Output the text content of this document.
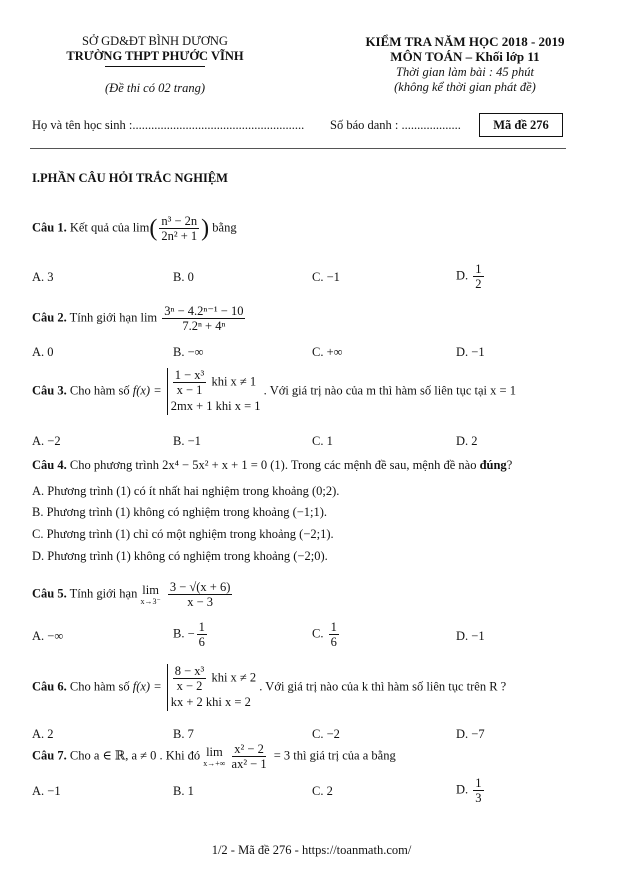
SỞ GD&ĐT BÌNH DƯƠNG
TRƯỜNG THPT PHƯỚC VĨNH
(Đề thi có 02 trang)
KIỂM TRA NĂM HỌC 2018 - 2019
MÔN TOÁN – Khối lớp 11
Thời gian làm bài : 45 phút
(không kể thời gian phát đề)
Họ và tên học sinh :....................................................... Số báo danh : ...................	Mã đề 276
I.PHẦN CÂU HỎI TRẮC NGHIỆM
Câu 1. Kết quả của $\lim( \frac{\text{n³ − 2n}}{\text{2n² + 1}}$ ) bằng
A. 3	B. 0	C. −1	D. $\frac{1}{2}$
Câu 2. Tính giới hạn $\lim \frac{\text{3ⁿ − 4.2ⁿ⁻¹ − 10}}{\text{7.2ⁿ + 4ⁿ}}$
A. 0	B. −∞	C. +∞	D. −1
Câu 3. Cho hàm số $f(x) = \frac{\text{1 − x³}}{x - 1}$ khi x ≠ 1
2mx + 1 khi x = 1
. Với giá trị nào của m thì hàm số liên tục tại x = 1
A. −2	B. −1	C. 1	D. 2
Câu 4. Cho phương trình 2x⁴ − 5x² + x + 1 = 0 (1). Trong các mệnh đề sau, mệnh đề nào đúng?
A. Phương trình (1) có ít nhất hai nghiệm trong khoảng (0;2).
B. Phương trình (1) không có nghiệm trong khoảng (−1;1).
C. Phương trình (1) chỉ có một nghiệm trong khoảng (−2;1).
D. Phương trình (1) không có nghiệm trong khoảng (−2;0).
Câu 5. Tính giới hạn lim
x→3⁻
$\frac{3 - √(x + 6)}{x - 3}$
A. −∞	B. − $\frac{1}{6}$	C. $\frac{1}{6}$	D. −1
Câu 6. Cho hàm số $f(x) = \frac{\text{8 − x³}}{x - 2}$ khi x ≠ 2
kx + 2 khi x = 2
. Với giá trị nào của k thì hàm số liên tục trên R ?
A. 2	B. 7	C. −2	D. −7
Câu 7. Cho a ∈ ℝ, a ≠ 0 . Khi đó lim
$x\to+\infty \frac{\text{x² − 2}}{\text{ax² − 1}} = 3$ thì giá trị của a bằng
A. −1	B. 1	C. 2	D. $\frac{1}{3}$
1/2 - Mã đề 276 - https://toanmath.com/
